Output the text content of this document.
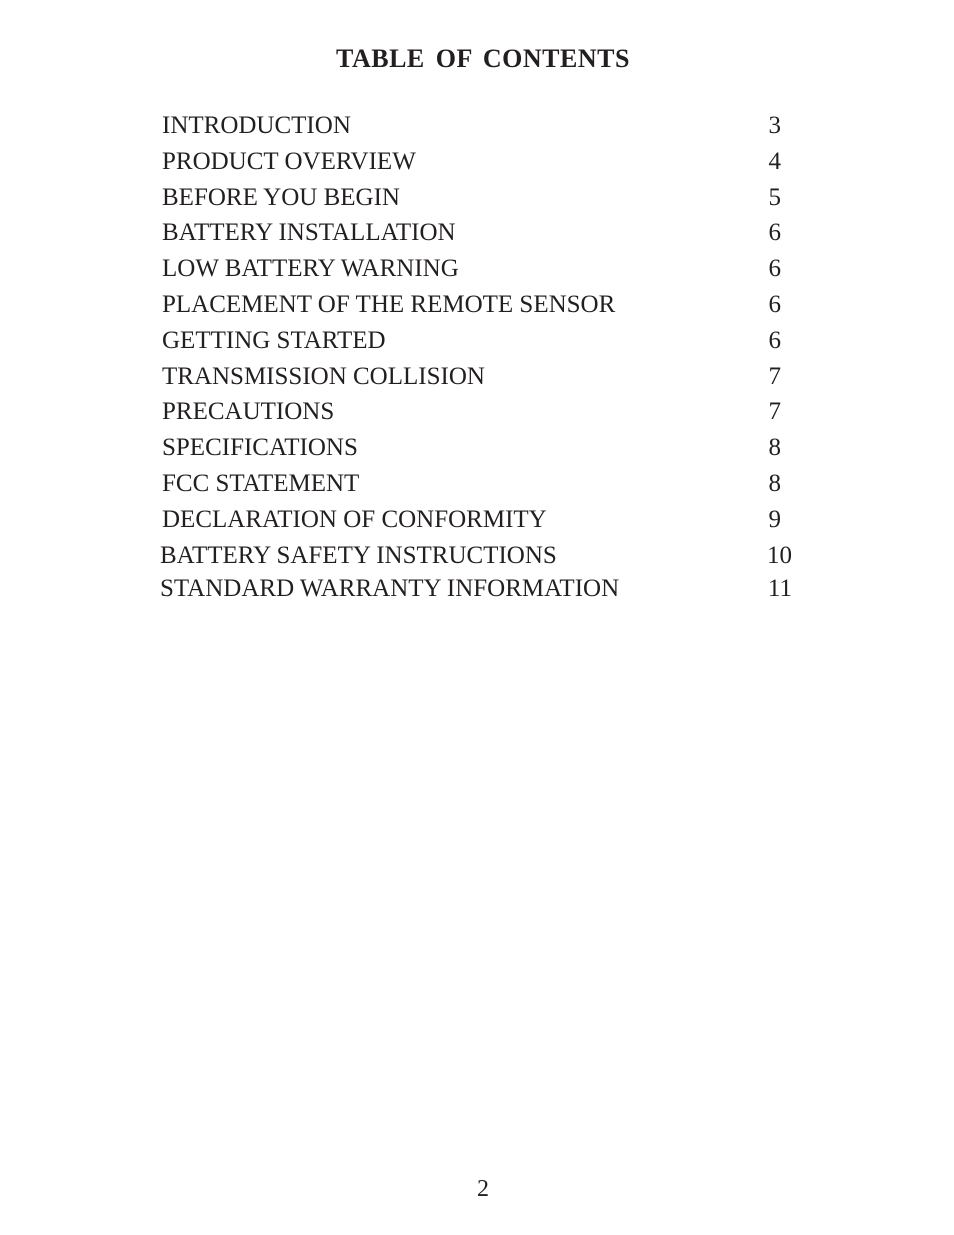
TABLE OF CONTENTS
INTRODUCTION	3
PRODUCT OVERVIEW	4
BEFORE YOU BEGIN	5
BATTERY INSTALLATION	6
LOW BATTERY WARNING	6
PLACEMENT OF THE REMOTE SENSOR	6
GETTING STARTED	6
TRANSMISSION COLLISION	7
PRECAUTIONS	7
SPECIFICATIONS	8
FCC STATEMENT	8
DECLARATION OF CONFORMITY	9
BATTERY SAFETY INSTRUCTIONS	10
STANDARD WARRANTY INFORMATION	11
2
